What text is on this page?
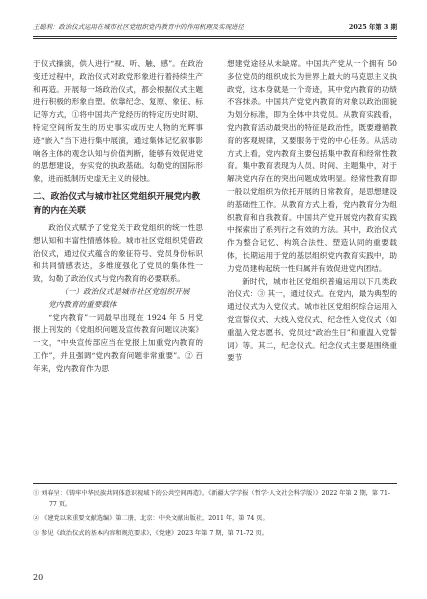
王聪利：政治仪式运用在城市社区党组织党内教育中的作用机理及实现进径	2025 年第 3 期

于仪式操演，供人进行“视、听、触、感”。在政治变迁过程中，政治仪式对政党形象进行着持续生产和再造。开展每一场政治仪式，都会根据仪式主题进行积极的形象自塑。依靠纪念、复原、象征、标记等方式，①将中国共产党经历的特定历史时期、特定空间所发生的历史事实或历史人物的光辉事迹“嵌入”当下进行集中展演，通过集体记忆叙事影响各主体的观念认知与价值判断，能够有效促进党的思想建设，夯实党的执政基础。勾勒党的国际形象，进而抵制历史虚无主义的侵蚀。

二、政治仪式与城市社区党组织开展党内教育的内在关联

政治仪式赋予了党党关于政党组织的统一性思想认知和丰富性情感体验。城市社区党组织凭借政治仪式，通过仪式蕴含的象征符号、党员身份标识和共同情感表达，多维度强化了党员的集体性一致，勾勒了政治仪式与党内教育的必要联系。

（一）政治仪式是城市社区党组织开展

党内教育的重要载体

“党内教育”一词最早出现在 1924 年 5 月党报上刊发的《党组织问题及宣传教育问题议决案》一文，“中央宣传部应当在党报上加重党内教育的工作”，并且强调“党内教育问题非常重要”。② 百年来，党内教育作为思

想建党途径从未缺席。中国共产党从一个拥有 50 多位党员的组织成长为世界上最大的马克思主义执政党，这本身就是一个奇迹，其中党内教育的功绩不容抹杀。中国共产党党内教育的对象以政治面貌为划分标准，即为全体中共党员。从教育实践看，党内教育活动最突出的特征是政治性，既要遵循教育的客观规律，又要服务于党的中心任务。从活动方式上看，党内教育主要包括集中教育和经常性教育。集中教育表现为人员、时间、主题集中，对于解决党内存在的突出问题成效明显。经常性教育即一般以党组织为依托开展的日常教育，是思想建设的基础性工作。从教育方式上看，党内教育分为组织教育和自我教育。中国共产党开展党内教育实践中探索出了系列行之有效的方法。其中，政治仪式作为整合记忆、构筑合法性、塑造认同的重要载体，长期运用于党的基层组织党内教育实践中，助力党员建构起统一性归属并有效促进党内团结。

新时代，城市社区党组织普遍运用以下几类政治仪式：③ 其一，通过仪式。在党内，最为典型的通过仪式为入党仪式。城市社区党组织综合运用入党宣誓仪式、大线入党仪式、纪念性入党仪式（如重温入党志愿书、党员过“政治生日”和重温入党誓词）等。其二，纪念仪式。纪念仪式主要是围绕重要节

① 刘春呈：《铸牢中华民族共同体意识视域下的公共空间再造》，《新疆大学学报（哲学·人文社会科学版）》2022 年第 2 期，第 71-77 页。
② 《建党以来重要文献选编》第二册，北京：中央文献出版社，2011 年，第 74 页。
③ 参见《政治仪式的基本内容和规范要求》，《党建》2023 年第 7 期，第 71-72 页。
20
